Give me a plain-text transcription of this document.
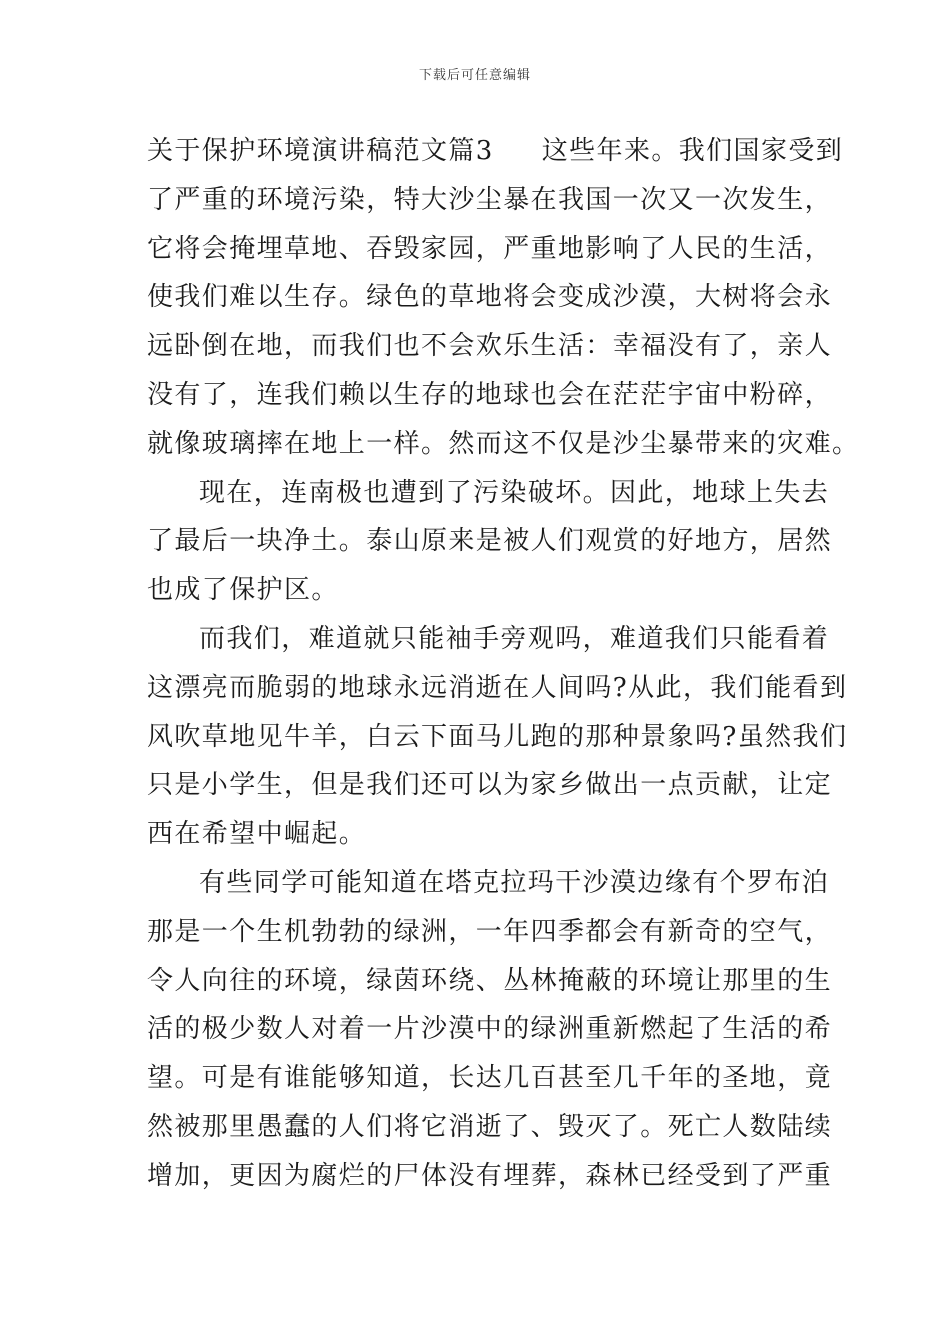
下载后可任意编辑
关于保护环境演讲稿范文篇3 这些年来。我们国家受到
了严重的环境污染，特大沙尘暴在我国一次又一次发生，
它将会掩埋草地、吞毁家园，严重地影响了人民的生活，
使我们难以生存。绿色的草地将会变成沙漠，大树将会永
远卧倒在地，而我们也不会欢乐生活：幸福没有了，亲人
没有了，连我们赖以生存的地球也会在茫茫宇宙中粉碎，
就像玻璃摔在地上一样。然而这不仅是沙尘暴带来的灾难。
现在，连南极也遭到了污染破坏。因此，地球上失去
了最后一块净土。泰山原来是被人们观赏的好地方，居然
也成了保护区。
而我们，难道就只能袖手旁观吗，难道我们只能看着
这漂亮而脆弱的地球永远消逝在人间吗?从此，我们能看到
风吹草地见牛羊，白云下面马儿跑的那种景象吗?虽然我们
只是小学生，但是我们还可以为家乡做出一点贡献，让定
西在希望中崛起。
有些同学可能知道在塔克拉玛干沙漠边缘有个罗布泊
那是一个生机勃勃的绿洲，一年四季都会有新奇的空气，
令人向往的环境，绿茵环绕、丛林掩蔽的环境让那里的生
活的极少数人对着一片沙漠中的绿洲重新燃起了生活的希
望。可是有谁能够知道，长达几百甚至几千年的圣地，竟
然被那里愚蠢的人们将它消逝了、毁灭了。死亡人数陆续
增加，更因为腐烂的尸体没有埋葬，森林已经受到了严重
